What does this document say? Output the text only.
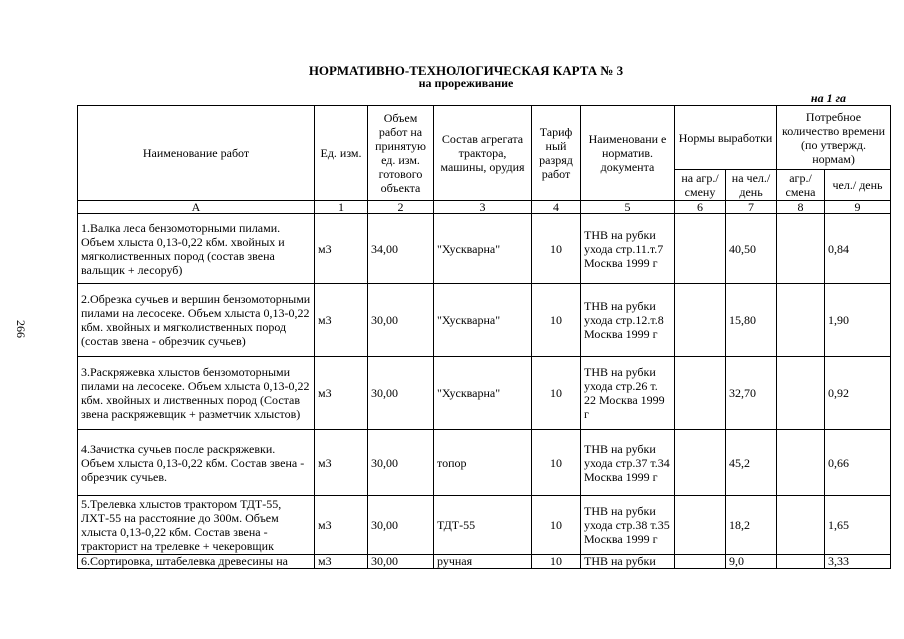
НОРМАТИВНО-ТЕХНОЛОГИЧЕСКАЯ КАРТА № 3
на прореживание
на 1 га
266
Наименование работ	Ед. изм.	Объем работ на принятую ед. изм. готового объекта	Состав агрегата трактора, машины, орудия	Тариф ный разряд работ	Наименовани е норматив. документа	Нормы выработки		Потребное количество времени (по утвержд. нормам)	
						на агр./ смену	на чел./ день	агр./ смена	чел./ день
А	1	2	3	4	5	6	7	8	9
1.Валка леса бензомоторными пилами. Объем хлыста 0,13-0,22 кбм. хвойных и мягколиственных пород (состав звена вальщик + лесоруб)	м3	34,00	"Хускварна"	10	ТНВ на рубки ухода стр.11.т.7 Москва 1999 г		40,50		0,84
2.Обрезка сучьев и вершин бензомоторными пилами на лесосеке. Объем хлыста 0,13-0,22 кбм. хвойных и мягколиственных пород (состав звена - обрезчик сучьев)	м3	30,00	"Хускварна"	10	ТНВ на рубки ухода стр.12.т.8 Москва 1999 г		15,80		1,90
3.Раскряжевка хлыстов бензомоторными пилами на лесосеке. Объем хлыста 0,13-0,22 кбм. хвойных и лиственных пород (Состав звена раскряжевщик + разметчик хлыстов)	м3	30,00	"Хускварна"	10	ТНВ на рубки ухода стр.26 т. 22 Москва 1999 г		32,70		0,92
4.Зачистка сучьев после раскряжевки. Объем хлыста 0,13-0,22 кбм. Состав звена - обрезчик сучьев.	м3	30,00	топор	10	ТНВ на рубки ухода стр.37 т.34 Москва 1999 г		45,2		0,66
5.Трелевка хлыстов трактором ТДТ-55, ЛХТ-55 на расстояние до 300м. Объем хлыста 0,13-0,22 кбм. Состав звена - тракторист на трелевке + чекеровщик	м3	30,00	ТДТ-55	10	ТНВ на рубки ухода стр.38 т.35 Москва 1999 г		18,2		1,65
6.Сортировка, штабелевка древесины на	м3	30,00	ручная	10	ТНВ на рубки		9,0		3,33
